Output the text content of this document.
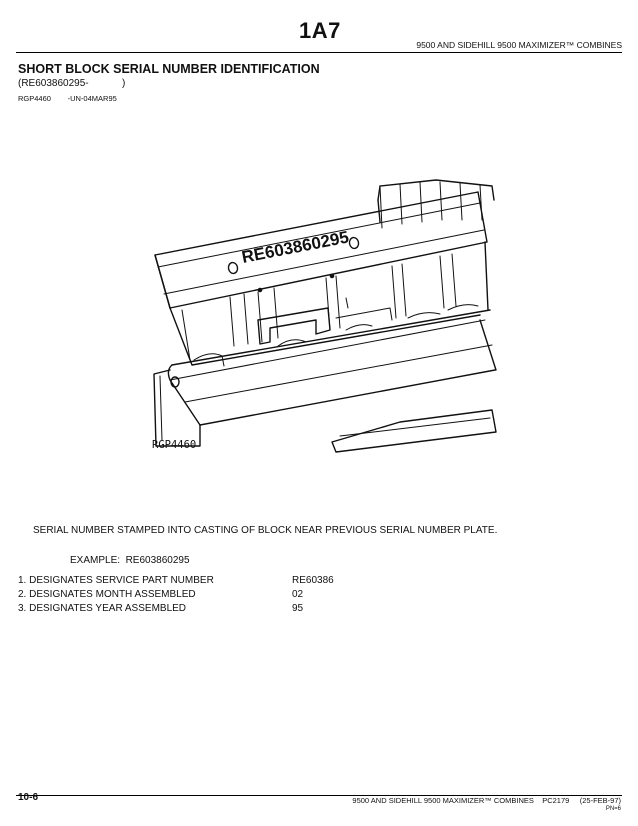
1A7
9500 AND SIDEHILL 9500 MAXIMIZER™ COMBINES
SHORT BLOCK SERIAL NUMBER IDENTIFICATION
(RE603860295-            )
RGP4460        -UN-04MAR95
RE603860295
RGP4460
SERIAL NUMBER STAMPED INTO CASTING OF BLOCK NEAR PREVIOUS SERIAL NUMBER PLATE.
EXAMPLE:  RE603860295
1. DESIGNATES SERVICE PART NUMBER	RE60386
2. DESIGNATES MONTH ASSEMBLED	02
3. DESIGNATES YEAR ASSEMBLED	95
10-6	9500 AND SIDEHILL 9500 MAXIMIZER™ COMBINES    PC2179     (25-FEB-97)
PN=6
